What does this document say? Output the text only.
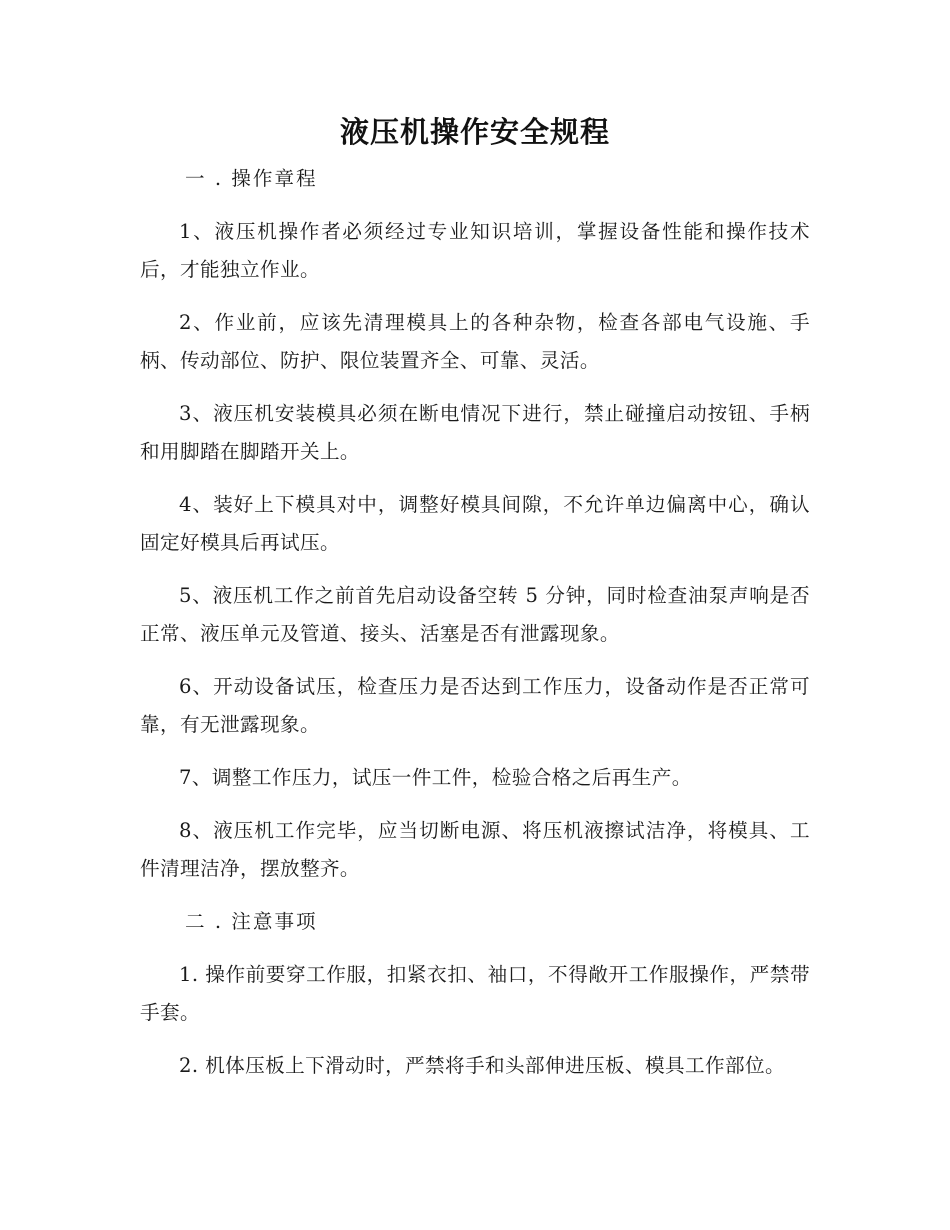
液压机操作安全规程

一 . 操作章程

1、液压机操作者必须经过专业知识培训，掌握设备性能和操作技术后，才能独立作业。

2、作业前，应该先清理模具上的各种杂物，检查各部电气设施、手柄、传动部位、防护、限位装置齐全、可靠、灵活。

3、液压机安装模具必须在断电情况下进行，禁止碰撞启动按钮、手柄和用脚踏在脚踏开关上。

4、装好上下模具对中，调整好模具间隙，不允许单边偏离中心，确认固定好模具后再试压。

5、液压机工作之前首先启动设备空转 5 分钟，同时检查油泵声响是否正常、液压单元及管道、接头、活塞是否有泄露现象。

6、开动设备试压，检查压力是否达到工作压力，设备动作是否正常可靠，有无泄露现象。

7、调整工作压力，试压一件工件，检验合格之后再生产。

8、液压机工作完毕，应当切断电源、将压机液擦试洁净，将模具、工件清理洁净，摆放整齐。

二 . 注意事项

1. 操作前要穿工作服，扣紧衣扣、袖口，不得敞开工作服操作，严禁带手套。

2. 机体压板上下滑动时，严禁将手和头部伸进压板、模具工作部位。
